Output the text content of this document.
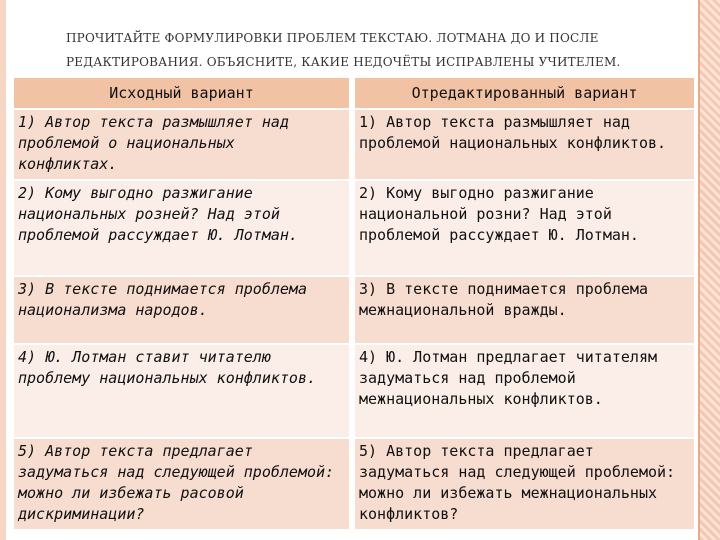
ПРОЧИТАЙТЕ ФОРМУЛИРОВКИ ПРОБЛЕМ ТЕКСТАЮ. ЛОТМАНА ДО И ПОСЛЕ
РЕДАКТИРОВАНИЯ. ОБЪЯСНИТЕ, КАКИЕ НЕДОЧЁТЫ ИСПРАВЛЕНЫ УЧИТЕЛЕМ.
Исходный вариант	Отредактированный вариант
1) Автор текста размышляет над проблемой о национальных конфликтах.	1) Автор текста размышляет над проблемой национальных конфликтов.
2) Кому выгодно разжигание национальных розней? Над этой проблемой рассуждает Ю. Лотман.	2) Кому выгодно разжигание национальной розни? Над этой проблемой рассуждает Ю. Лотман.
3) В тексте поднимается проблема национализма народов.	3) В тексте поднимается проблема межнациональной вражды.
4) Ю. Лотман ставит читателю проблему национальных конфликтов.	4) Ю. Лотман предлагает читателям задуматься над проблемой межнациональных конфликтов.
5) Автор текста предлагает задуматься над следующей проблемой: можно ли избежать расовой дискриминации?	5) Автор текста предлагает задуматься над следующей проблемой: можно ли избежать межнациональных конфликтов?
